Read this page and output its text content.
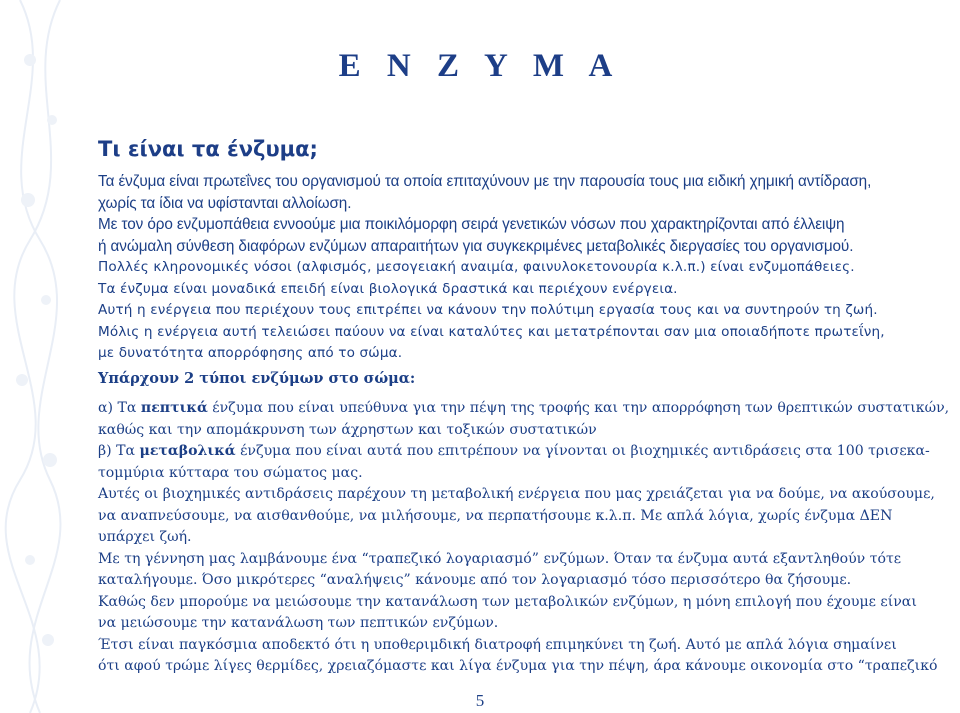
E N Z Y M A
Τι είναι τα ένζυμα;

Τα ένζυμα είναι πρωτεΐνες του οργανισμού τα οποία επιταχύνουν με την παρουσία τους μια ειδική χημική αντίδραση,

χωρίς τα ίδια να υφίστανται αλλοίωση.

Με τον όρο ενζυμοπάθεια εννοούμε μια ποικιλόμορφη σειρά γενετικών νόσων που χαρακτηρίζονται από έλλειψη

ή ανώμαλη σύνθεση διαφόρων ενζύμων απαραιτήτων για συγκεκριμένες μεταβολικές διεργασίες του οργανισμού.

Πολλές κληρονομικές νόσοι (αλφισμός, μεσογειακή αναιμία, φαινυλοκετονουρία κ.λ.π.) είναι ενζυμοπάθειες.

Τα ένζυμα είναι μοναδικά επειδή είναι βιολογικά δραστικά και περιέχουν ενέργεια.

Αυτή η ενέργεια που περιέχουν τους επιτρέπει να κάνουν την πολύτιμη εργασία τους και να συντηρούν τη ζωή.

Μόλις η ενέργεια αυτή τελειώσει παύουν να είναι καταλύτες και μετατρέπονται σαν μια οποιαδήποτε πρωτεΐνη,

με δυνατότητα απορρόφησης από το σώμα.

Υπάρχουν 2 τύποι ενζύμων στο σώμα:

α) Τα πεπτικά ένζυμα που είναι υπεύθυνα για την πέψη της τροφής και την απορρόφηση των θρεπτικών συστατικών,

καθώς και την απομάκρυνση των άχρηστων και τοξικών συστατικών

β) Τα μεταβολικά ένζυμα που είναι αυτά που επιτρέπουν να γίνονται οι βιοχημικές αντιδράσεις στα 100 τρισεκα-

τομμύρια κύτταρα του σώματος μας.

Αυτές οι βιοχημικές αντιδράσεις παρέχουν τη μεταβολική ενέργεια που μας χρειάζεται για να δούμε, να ακούσουμε,

να αναπνεύσουμε, να αισθανθούμε, να μιλήσουμε, να περπατήσουμε κ.λ.π. Με απλά λόγια, χωρίς ένζυμα ΔΕΝ

υπάρχει ζωή.

Με τη γέννηση μας λαμβάνουμε ένα “τραπεζικό λογαριασμό” ενζύμων. Όταν τα ένζυμα αυτά εξαντληθούν τότε

καταλήγουμε. Όσο μικρότερες “αναλήψεις” κάνουμε από τον λογαριασμό τόσο περισσότερο θα ζήσουμε.

Καθώς δεν μπορούμε να μειώσουμε την κατανάλωση των μεταβολικών ενζύμων, η μόνη επιλογή που έχουμε είναι

να μειώσουμε την κατανάλωση των πεπτικών ενζύμων.

Έτσι είναι παγκόσμια αποδεκτό ότι η υποθεριμδική διατροφή επιμηκύνει τη ζωή. Αυτό με απλά λόγια σημαίνει

ότι αφού τρώμε λίγες θερμίδες, χρειαζόμαστε και λίγα ένζυμα για την πέψη, άρα κάνουμε οικονομία στο “τραπεζικό

5
